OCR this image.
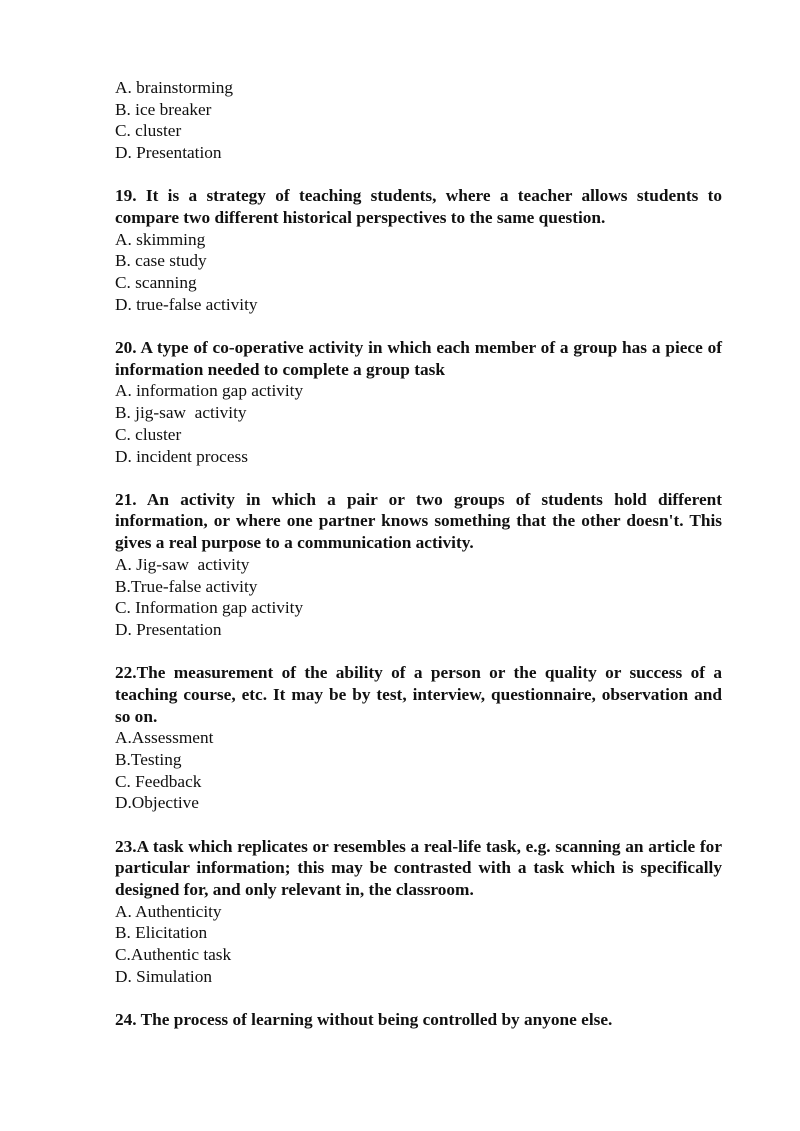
A. brainstorming
B. ice breaker
C. cluster
D. Presentation
19. It is a strategy of teaching students, where a teacher allows students to compare two different historical perspectives to the same question.
A. skimming
B. case study
C. scanning
D. true-false activity
20. A type of co-operative activity in which each member of a group has a piece of information needed to complete a group task
A. information gap activity
B. jig-saw  activity
C. cluster
D. incident process
21. An activity in which a pair or two groups of students hold different information, or where one partner knows something that the other doesn't. This gives a real purpose to a communication activity.
A. Jig-saw  activity
B.True-false activity
C. Information gap activity
D. Presentation
22.The measurement of the ability of a person or the quality or success of a teaching course, etc. It may be by test, interview, questionnaire, observation and so on.
A.Assessment
B.Testing
C. Feedback
D.Objective
23.A task which replicates or resembles a real-life task, e.g. scanning an article for particular information; this may be contrasted with a task which is specifically designed for, and only relevant in, the classroom.
A. Authenticity
B. Elicitation
C.Authentic task
D. Simulation
24. The process of learning without being controlled by anyone else.
